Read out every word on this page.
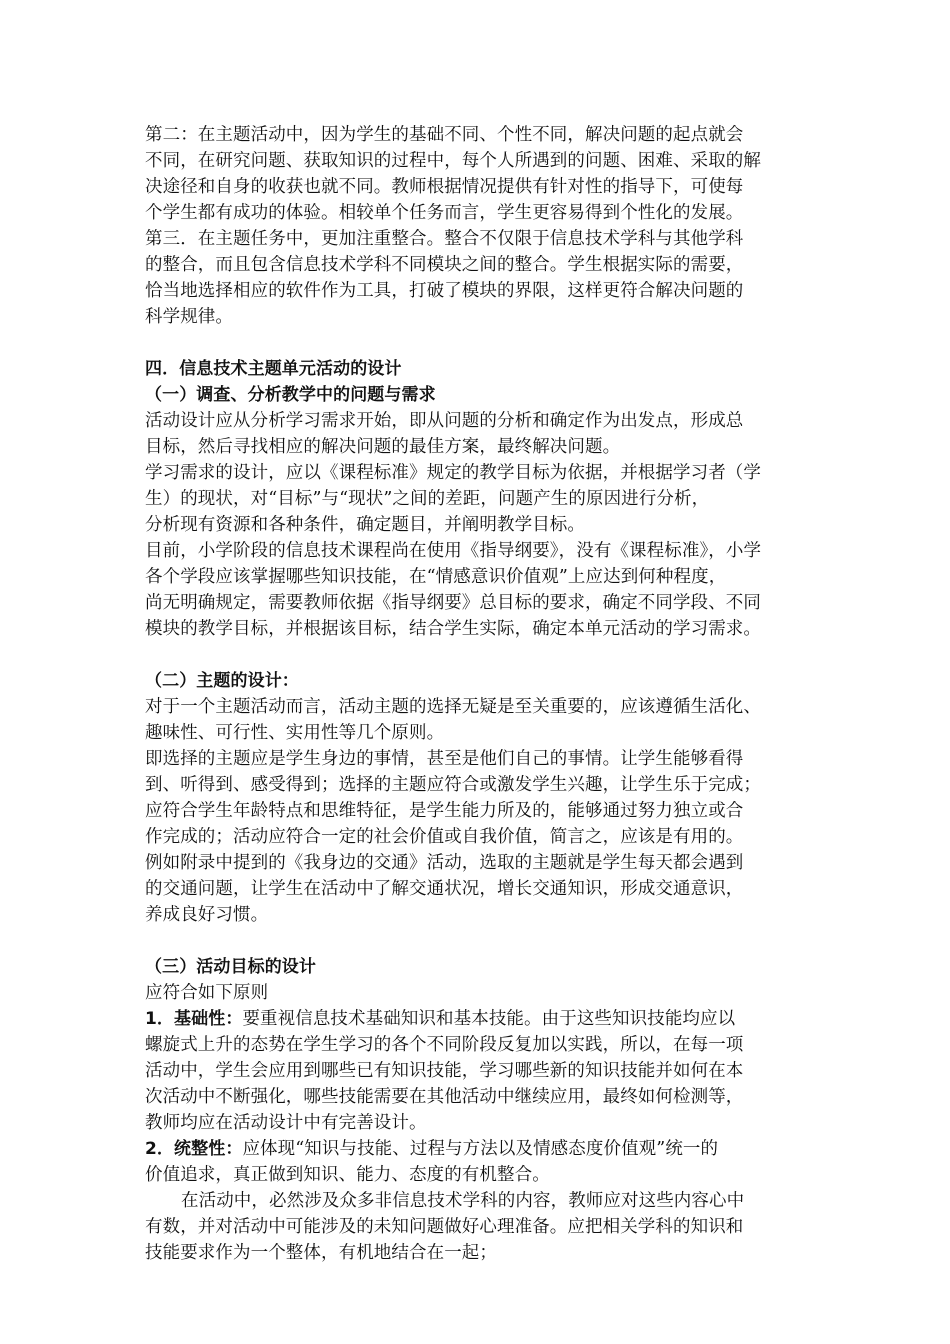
第二：在主题活动中，因为学生的基础不同、个性不同，解决问题的起点就会
不同，在研究问题、获取知识的过程中，每个人所遇到的问题、困难、采取的解
决途径和自身的收获也就不同。教师根据情况提供有针对性的指导下，可使每
个学生都有成功的体验。相较单个任务而言，学生更容易得到个性化的发展。
第三．在主题任务中，更加注重整合。整合不仅限于信息技术学科与其他学科
的整合，而且包含信息技术学科不同模块之间的整合。学生根据实际的需要，
恰当地选择相应的软件作为工具，打破了模块的界限，这样更符合解决问题的
科学规律。
四．信息技术主题单元活动的设计
（一）调查、分析教学中的问题与需求
活动设计应从分析学习需求开始，即从问题的分析和确定作为出发点，形成总
目标，然后寻找相应的解决问题的最佳方案，最终解决问题。
学习需求的设计，应以《课程标准》规定的教学目标为依据，并根据学习者（学
生）的现状，对“目标”与“现状”之间的差距，问题产生的原因进行分析，
分析现有资源和各种条件，确定题目，并阐明教学目标。
目前，小学阶段的信息技术课程尚在使用《指导纲要》，没有《课程标准》，小学
各个学段应该掌握哪些知识技能，在“情感意识价值观”上应达到何种程度，
尚无明确规定，需要教师依据《指导纲要》总目标的要求，确定不同学段、不同
模块的教学目标，并根据该目标，结合学生实际，确定本单元活动的学习需求。
（二）主题的设计：
对于一个主题活动而言，活动主题的选择无疑是至关重要的，应该遵循生活化、
趣味性、可行性、实用性等几个原则。
即选择的主题应是学生身边的事情，甚至是他们自己的事情。让学生能够看得
到、听得到、感受得到；选择的主题应符合或激发学生兴趣，让学生乐于完成；
应符合学生年龄特点和思维特征，是学生能力所及的，能够通过努力独立或合
作完成的；活动应符合一定的社会价值或自我价值，简言之，应该是有用的。
例如附录中提到的《我身边的交通》活动，选取的主题就是学生每天都会遇到
的交通问题，让学生在活动中了解交通状况，增长交通知识，形成交通意识，
养成良好习惯。
（三）活动目标的设计
应符合如下原则
1．基础性：要重视信息技术基础知识和基本技能。由于这些知识技能均应以
螺旋式上升的态势在学生学习的各个不同阶段反复加以实践，所以，在每一项
活动中，学生会应用到哪些已有知识技能，学习哪些新的知识技能并如何在本
次活动中不断强化，哪些技能需要在其他活动中继续应用，最终如何检测等，
教师均应在活动设计中有完善设计。
2．统整性：应体现“知识与技能、过程与方法以及情感态度价值观”统一的
价值追求，真正做到知识、能力、态度的有机整合。
在活动中，必然涉及众多非信息技术学科的内容，教师应对这些内容心中
有数，并对活动中可能涉及的未知问题做好心理准备。应把相关学科的知识和
技能要求作为一个整体，有机地结合在一起；
